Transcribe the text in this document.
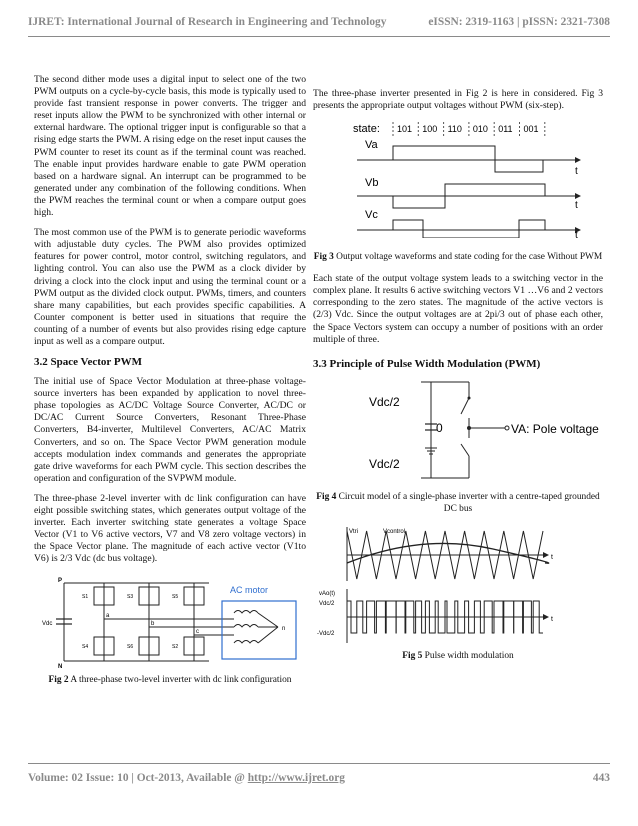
IJRET: International Journal of Research in Engineering and Technology	eISSN: 2319-1163 | pISSN: 2321-7308

The second dither mode uses a digital input to select one of the two PWM outputs on a cycle-by-cycle basis, this mode is typically used to provide fast transient response in power converts. The trigger and reset inputs allow the PWM to be synchronized with other internal or external hardware. The optional trigger input is configurable so that a rising edge starts the PWM. A rising edge on the reset input causes the PWM counter to reset its count as if the terminal count was reached. The enable input provides hardware enable to gate PWM operation based on a hardware signal. An interrupt can be programmed to be generated under any combination of the following conditions. When the PWM reaches the terminal count or when a compare output goes high.

The most common use of the PWM is to generate periodic waveforms with adjustable duty cycles. The PWM also provides optimized features for power control, motor control, switching regulators, and lighting control. You can also use the PWM as a clock divider by driving a clock into the clock input and using the terminal count or a PWM output as the divided clock output. PWMs, timers, and counters share many capabilities, but each provides specific capabilities. A Counter component is better used in situations that require the counting of a number of events but also provides rising edge capture input as well as a compare output.

3.2 Space Vector PWM

The initial use of Space Vector Modulation at three-phase voltage-source inverters has been expanded by application to novel three-phase topologies as AC/DC Voltage Source Converter, AC/DC or DC/AC Current Source Converters, Resonant Three-Phase Converters, B4-inverter, Multilevel Converters, AC/AC Matrix Converters, and so on. The Space Vector PWM generation module accepts modulation index commands and generates the appropriate gate drive waveforms for each PWM cycle. This section describes the operation and configuration of the SVPWM module.

The three-phase 2-level inverter with dc link configuration can have eight possible switching states, which generates output voltage of the inverter. Each inverter switching state generates a voltage Space Vector (V1 to V6 active vectors, V7 and V8 zero voltage vectors) in the Space Vector plane. The magnitude of each active vector (V1to V6) is 2/3 Vdc (dc bus voltage).

AC motor
P
N
Vdc
a
b
c	n
S1	S3	S5
S4	S6	S2
Fig 2 A three-phase two-level inverter with dc link configuration

The three-phase inverter presented in Fig 2 is here in considered. Fig 3 presents the appropriate output voltages without PWM (six-step).

state: 101 100 110 010 011 001
Va
t
Vb
t
Vc
t
Fig 3 Output voltage waveforms and state coding for the case Without PWM

Each state of the output voltage system leads to a switching vector in the complex plane. It results 6 active switching vectors V1 …V6 and 2 vectors corresponding to the zero states. The magnitude of the active vectors is (2/3) Vdc. Since the output voltages are at 2pi/3 out of phase each other, the Space Vectors system can occupy a number of positions with an order multiple of three.

3.3 Principle of Pulse Width Modulation (PWM)
Vdc/2
Vdc/2
0	VA: Pole voltage
Fig 4 Circuit model of a single-phase inverter with a centre-taped grounded DC bus
t
Vtri	Vcontrol
t
vAo(t)
Vdc/2
-Vdc/2
Fig 5 Pulse width modulation
Volume: 02 Issue: 10 | Oct-2013, Available @ http://www.ijret.org	443
